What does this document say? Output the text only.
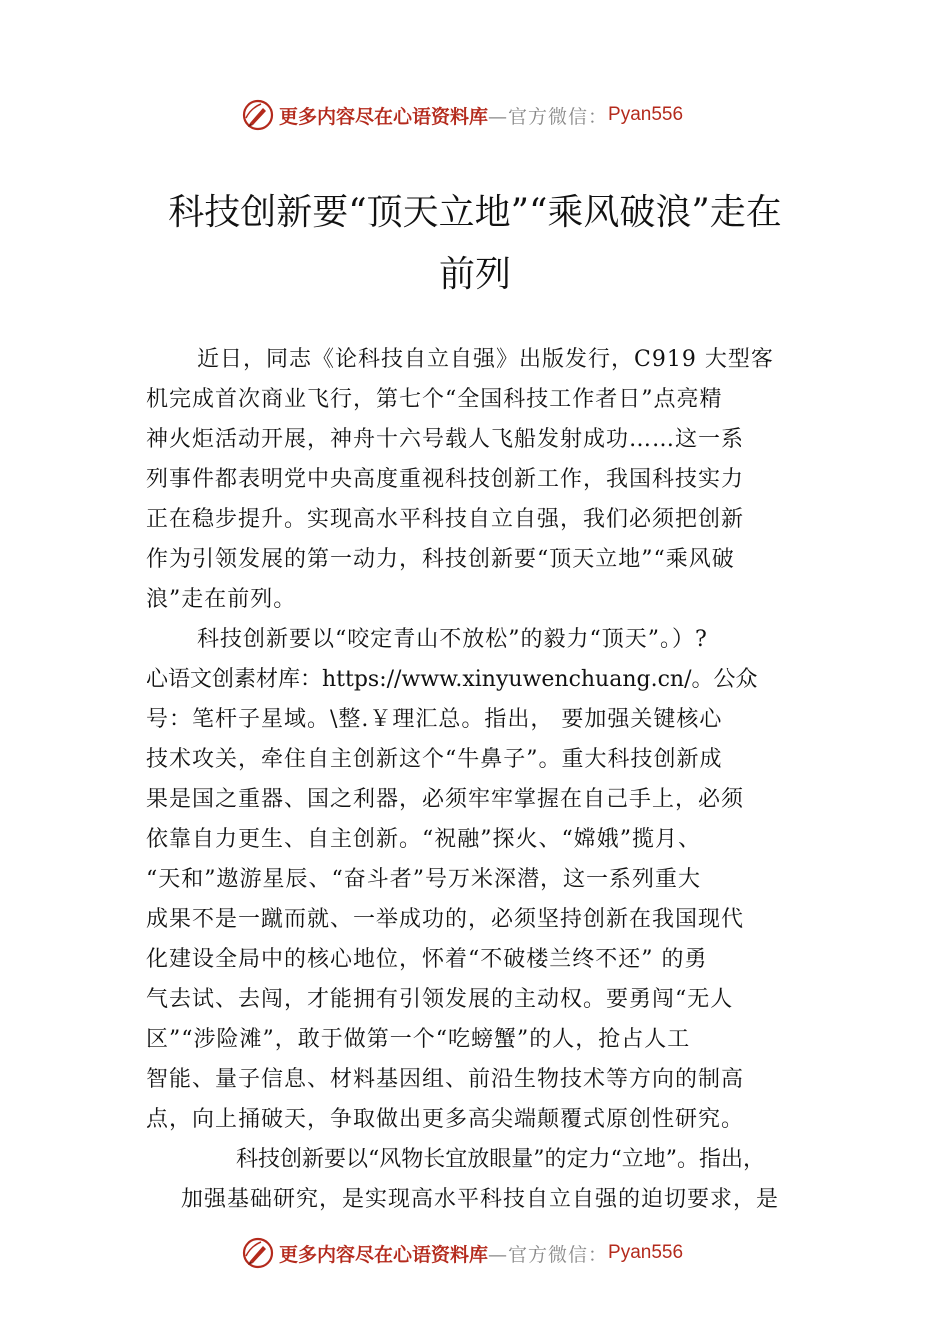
更多内容尽在心语资料库 —官方微信： Pyan556
科技创新要“顶天立地”“乘风破浪”走在
前列
近日，同志《论科技自立自强》出版发行，C919 大型客
机完成首次商业飞行，第七个“全国科技工作者日”点亮精
神火炬活动开展，神舟十六号载人飞船发射成功……这一系
列事件都表明党中央高度重视科技创新工作，我国科技实力
正在稳步提升。实现高水平科技自立自强，我们必须把创新
作为引领发展的第一动力，科技创新要“顶天立地”“乘风破
浪”走在前列。
科技创新要以“咬定青山不放松”的毅力“顶天”。）?
心语文创素材库：https://www.xinyuwenchuang.cn/。公众
号：笔杆子星域。\整.￥理汇总。指出， 要加强关键核心
技术攻关，牵住自主创新这个“牛鼻子”。重大科技创新成
果是国之重器、国之利器，必须牢牢掌握在自己手上，必须
依靠自力更生、自主创新。“祝融”探火、“嫦娥”揽月、
“天和”遨游星辰、“奋斗者”号万米深潜，这一系列重大
成果不是一蹴而就、一举成功的，必须坚持创新在我国现代
化建设全局中的核心地位，怀着“不破楼兰终不还” 的勇
气去试、去闯，才能拥有引领发展的主动权。要勇闯“无人
区”“涉险滩”，敢于做第一个“吃螃蟹”的人，抢占人工
智能、量子信息、材料基因组、前沿生物技术等方向的制高
点，向上捅破天，争取做出更多高尖端颠覆式原创性研究。
科技创新要以“风物长宜放眼量”的定力“立地”。指出，
加强基础研究，是实现高水平科技自立自强的迫切要求，是
更多内容尽在心语资料库 —官方微信： Pyan556
